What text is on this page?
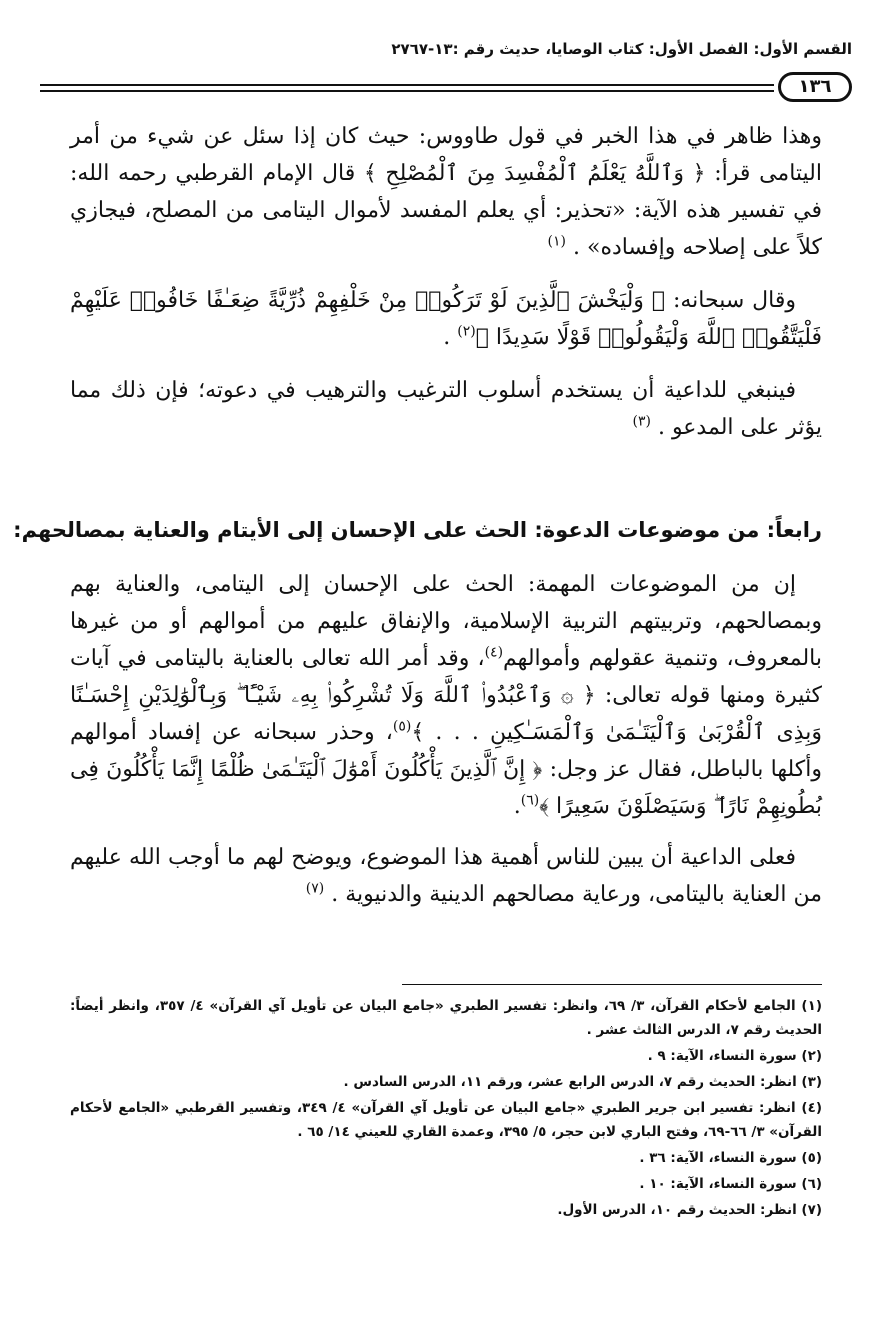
القسم الأول: الفصل الأول: كتاب الوصايا، حديث رقم :١٣-٢٧٦٧
١٣٦

وهذا ظاهر في هذا الخبر في قول طاووس: حيث كان إذا سئل عن شيء من أمر اليتامى قرأ: ﴿ وَٱللَّهُ يَعْلَمُ ٱلْمُفْسِدَ مِنَ ٱلْمُصْلِحِ ﴾ قال الإمام القرطبي رحمه الله: في تفسير هذه الآية: «تحذير: أي يعلم المفسد لأموال اليتامى من المصلح، فيجازي كلاً على إصلاحه وإفساده» . $^{(١)}$

وقال سبحانه: ﴿ وَلْيَخْشَ ٱلَّذِينَ لَوْ تَرَكُوا۟ مِنْ خَلْفِهِمْ ذُرِّيَّةً ضِعَـٰفًا خَافُوا۟ عَلَيْهِمْ فَلْيَتَّقُوا۟ ٱللَّهَ وَلْيَقُولُوا۟ قَوْلًا سَدِيدًا ﴾$^{(٢)}$ .

فينبغي للداعية أن يستخدم أسلوب الترغيب والترهيب في دعوته؛ فإن ذلك مما يؤثر على المدعو . $^{(٣)}$

رابعاً: من موضوعات الدعوة: الحث على الإحسان إلى الأيتام والعناية بمصالحهم:

إن من الموضوعات المهمة: الحث على الإحسان إلى اليتامى، والعناية بهم وبمصالحهم، وتربيتهم التربية الإسلامية، والإنفاق عليهم من أموالهم أو من غيرها بالمعروف، وتنمية عقولهم وأموالهم$^{(٤)}$، وقد أمر الله تعالى بالعناية باليتامى في آيات كثيرة ومنها قوله تعالى: ﴿ ۞ وَٱعْبُدُوا۟ ٱللَّهَ وَلَا تُشْرِكُوا۟ بِهِۦ شَيْـًٔا ۖ وَبِٱلْوَٰلِدَيْنِ إِحْسَـٰنًا وَبِذِى ٱلْقُرْبَىٰ وَٱلْيَتَـٰمَىٰ وَٱلْمَسَـٰكِينِ . . . ﴾$^{(٥)}$، وحذر سبحانه عن إفساد أموالهم وأكلها بالباطل، فقال عز وجل: ﴿ إِنَّ ٱلَّذِينَ يَأْكُلُونَ أَمْوَٰلَ ٱلْيَتَـٰمَىٰ ظُلْمًا إِنَّمَا يَأْكُلُونَ فِى بُطُونِهِمْ نَارًا ۖ وَسَيَصْلَوْنَ سَعِيرًا ﴾$^{(٦)}$.

فعلى الداعية أن يبين للناس أهمية هذا الموضوع، ويوضح لهم ما أوجب الله عليهم من العناية باليتامى، ورعاية مصالحهم الدينية والدنيوية . $^{(٧)}$

(١) الجامع لأحكام القرآن، ٣/ ٦٩، وانظر: تفسير الطبري «جامع البيان عن تأويل آي القرآن» ٤/ ٣٥٧، وانظر أيضاً: الحديث رقم ٧، الدرس الثالث عشر .

(٢) سورة النساء، الآية: ٩ .

(٣) انظر: الحديث رقم ٧، الدرس الرابع عشر، ورقم ١١، الدرس السادس .

(٤) انظر: تفسير ابن جرير الطبري «جامع البيان عن تأويل آي القرآن» ٤/ ٣٤٩، وتفسير القرطبي «الجامع لأحكام القرآن» ٣/ ٦٦-٦٩، وفتح الباري لابن حجر، ٥/ ٣٩٥، وعمدة القاري للعيني ١٤/ ٦٥ .

(٥) سورة النساء، الآية: ٣٦ .

(٦) سورة النساء، الآية: ١٠ .

(٧) انظر: الحديث رقم ١٠، الدرس الأول.
